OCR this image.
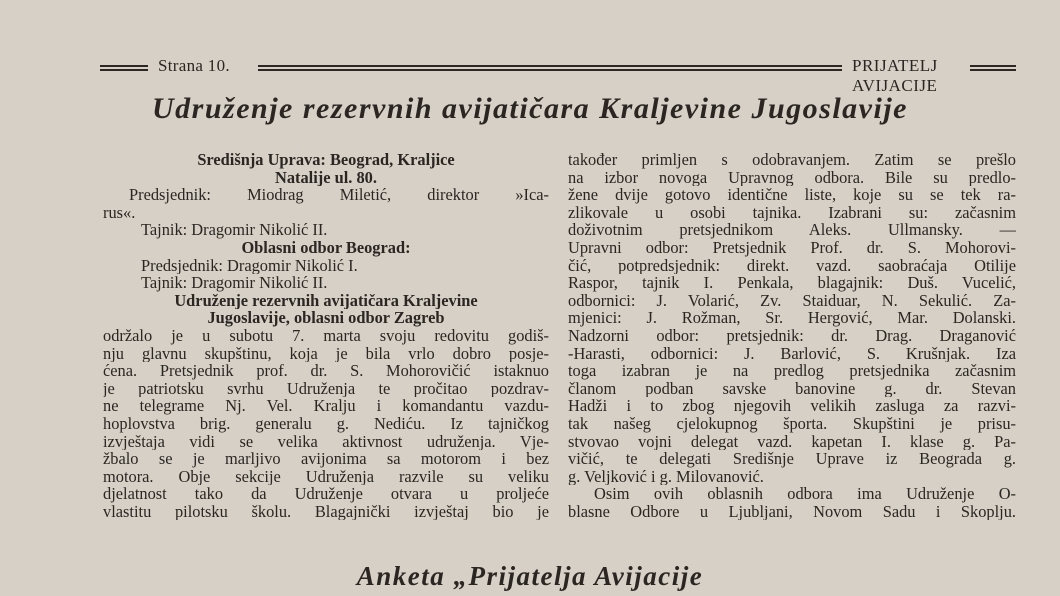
Strana 10.	PRIJATELJ AVIJACIJE
Udruženje rezervnih avijatičara Kraljevine Jugoslavije
Središnja Uprava: Beograd, Kraljice
Natalije ul. 80.
Predsjednik: Miodrag Miletić, direktor »Ica-
rus«.
Tajnik: Dragomir Nikolić II.
Oblasni odbor Beograd:
Predsjednik: Dragomir Nikolić I.
Tajnik: Dragomir Nikolić II.
Udruženje rezervnih avijatičara Kraljevine
Jugoslavije, oblasni odbor Zagreb
održalo je u subotu 7. marta svoju redovitu godiš-
nju glavnu skupštinu, koja je bila vrlo dobro posje-
ćena. Pretsjednik prof. dr. S. Mohorovičić istaknuo
je patriotsku svrhu Udruženja te pročitao pozdrav-
ne telegrame Nj. Vel. Kralju i komandantu vazdu-
hoplovstva brig. generalu g. Nediću. Iz tajničkog
izvještaja vidi se velika aktivnost udruženja. Vje-
žbalo se je marljivo avijonima sa motorom i bez
motora. Obje sekcije Udruženja razvile su veliku
djelatnost tako da Udruženje otvara u proljeće
vlastitu pilotsku školu. Blagajnički izvještaj bio je
također primljen s odobravanjem. Zatim se prešlo
na izbor novoga Upravnog odbora. Bile su predlo-
žene dvije gotovo identične liste, koje su se tek ra-
zlikovale u osobi tajnika. Izabrani su: začasnim
doživotnim pretsjednikom Aleks. Ullmansky. —
Upravni odbor: Pretsjednik Prof. dr. S. Mohorovi-
čić, potpredsjednik: direkt. vazd. saobraćaja Otilije
Raspor, tajnik I. Penkala, blagajnik: Duš. Vucelić,
odbornici: J. Volarić, Zv. Staiduar, N. Sekulić. Za-
mjenici: J. Rožman, Sr. Hergović, Mar. Dolanski.
Nadzorni odbor: pretsjednik: dr. Drag. Draganović
-Harasti, odbornici: J. Barlović, S. Krušnjak. Iza
toga izabran je na predlog pretsjednika začasnim
članom podban savske banovine g. dr. Stevan
Hadži i to zbog njegovih velikih zasluga za razvi-
tak našeg cjelokupnog športa. Skupštini je prisu-
stvovao vojni delegat vazd. kapetan I. klase g. Pa-
vičić, te delegati Središnje Uprave iz Beograda g.
g. Veljković i g. Milovanović.
Osim ovih oblasnih odbora ima Udruženje O-
blasne Odbore u Ljubljani, Novom Sadu i Skoplju.
Anketa „Prijatelja Avijacije
